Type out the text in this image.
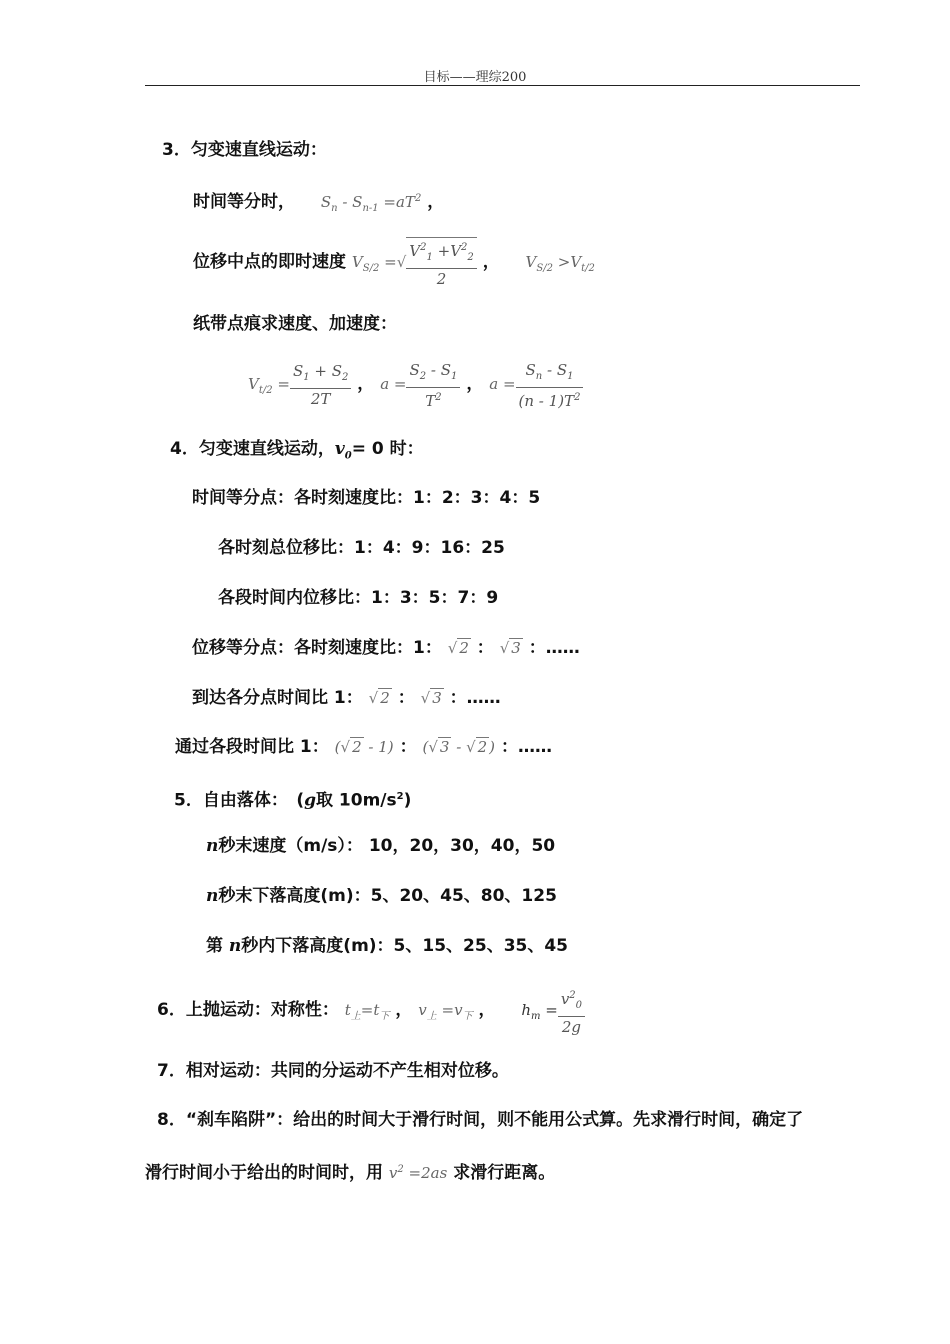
目标——理综200
3．匀变速直线运动：
时间等分时， $S_n - S_{n-1} =aT^2$ ，
位移中点的即时速度 $V_{S/2}$ =√ $\frac{V^2_1 +V^2_2}{2}$ ， $V_{S/2} >V_{t/2}$
纸带点痕求速度、加速度：
$V_{t/2} = \frac{S_1 + S_2}{2T}$ ， $a = \frac{S_2 - S_1}{T^2}$ ， $a = \frac{S_n - S_1}{(n - 1)T^2}$
4．匀变速直线运动，$v_0= 0$ 时：
时间等分点：各时刻速度比：1：2：3：4：5
各时刻总位移比：1：4：9：16：25
各段时间内位移比：1：3：5：7：9
位移等分点：各时刻速度比：1： √ 2 ： √ 3 ：……
到达各分点时间比 1： √ 2 ： √ 3 ：……
通过各段时间比 1： (√ 2 - 1) ： (√ 3 - √ 2 ) ：……
5．自由落体：　(g取 $10m/s^2$)
n秒末速度（m/s）： 10，20，30，40，50
n秒末下落高度(m)：5、20、45、80、125
第 n秒内下落高度(m)：5、15、25、35、45
6．上抛运动：对称性： $t_上=t_下$ ， $v_上 =v_下$ ， $h_m = \frac{v^2_0}{2g}$
7．相对运动：共同的分运动不产生相对位移。
8．“刹车陷阱”：给出的时间大于滑行时间，则不能用公式算。先求滑行时间，确定了
滑行时间小于给出的时间时，用 $v^2 =2as$ 求滑行距离。
